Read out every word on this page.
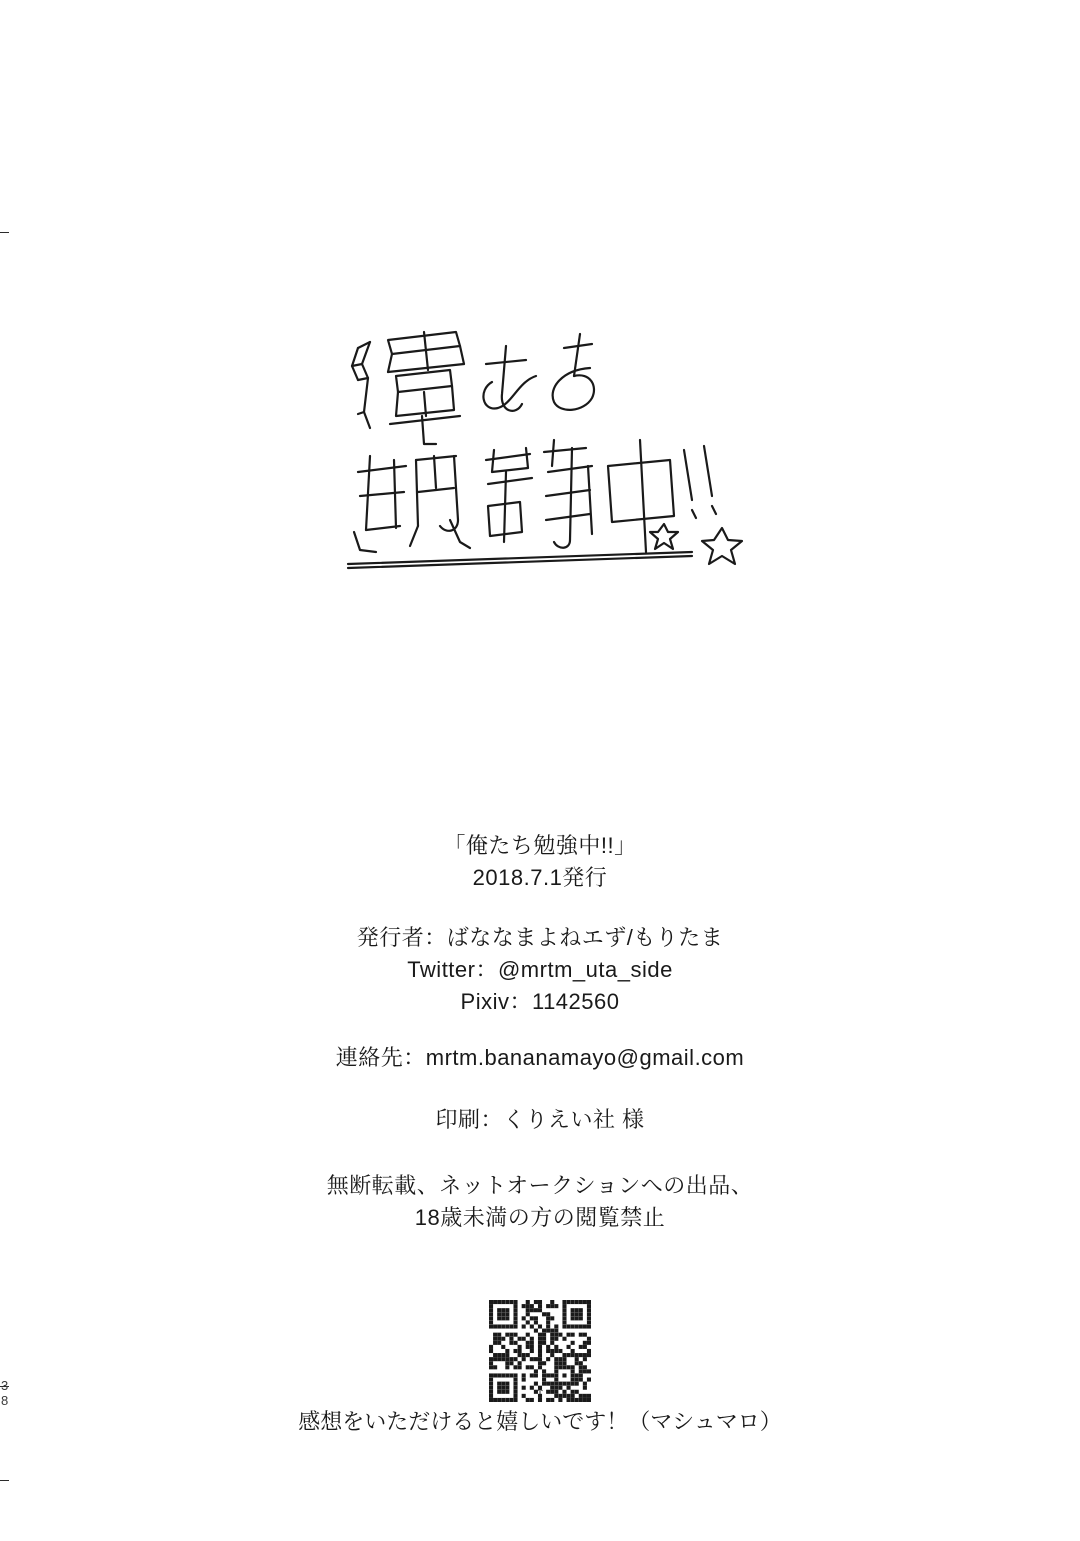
3
8
「俺たち勉強中!!」
2018.7.1発行
発行者：ばななまよねエず/もりたま
Twitter：@mrtm_uta_side
Pixiv：1142560
連絡先：mrtm.bananamayo@gmail.com
印刷：くりえい社 様
無断転載、ネットオークションへの出品、
18歳未満の方の閲覧禁止
↑
感想をいただけると嬉しいです！（マシュマロ）
